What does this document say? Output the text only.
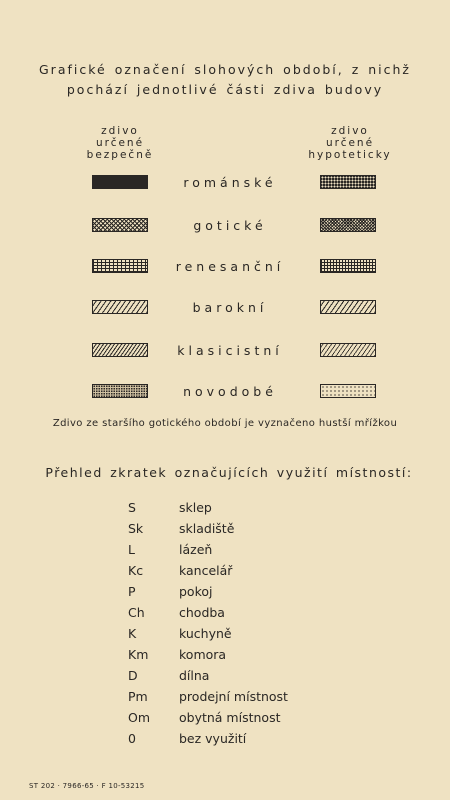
Grafické označení slohových období, z nichž
pochází jednotlivé části zdiva budovy
zdivo
určené
bezpečně
zdivo
určené
hypoteticky
románské
gotické
renesanční
barokní
klasicistní
novodobé
Zdivo ze staršího gotického období je vyznačeno hustší mřížkou
Přehled zkratek označujících využití místností:
S	sklep
Sk	skladiště
L	lázeň
Kc	kancelář
P	pokoj
Ch	chodba
K	kuchyně
Km komora
D	dílna
Pm	prodejní místnost
Om obytná místnost
0	bez využití
ST 202 · 7966-65 · F 10-53215
